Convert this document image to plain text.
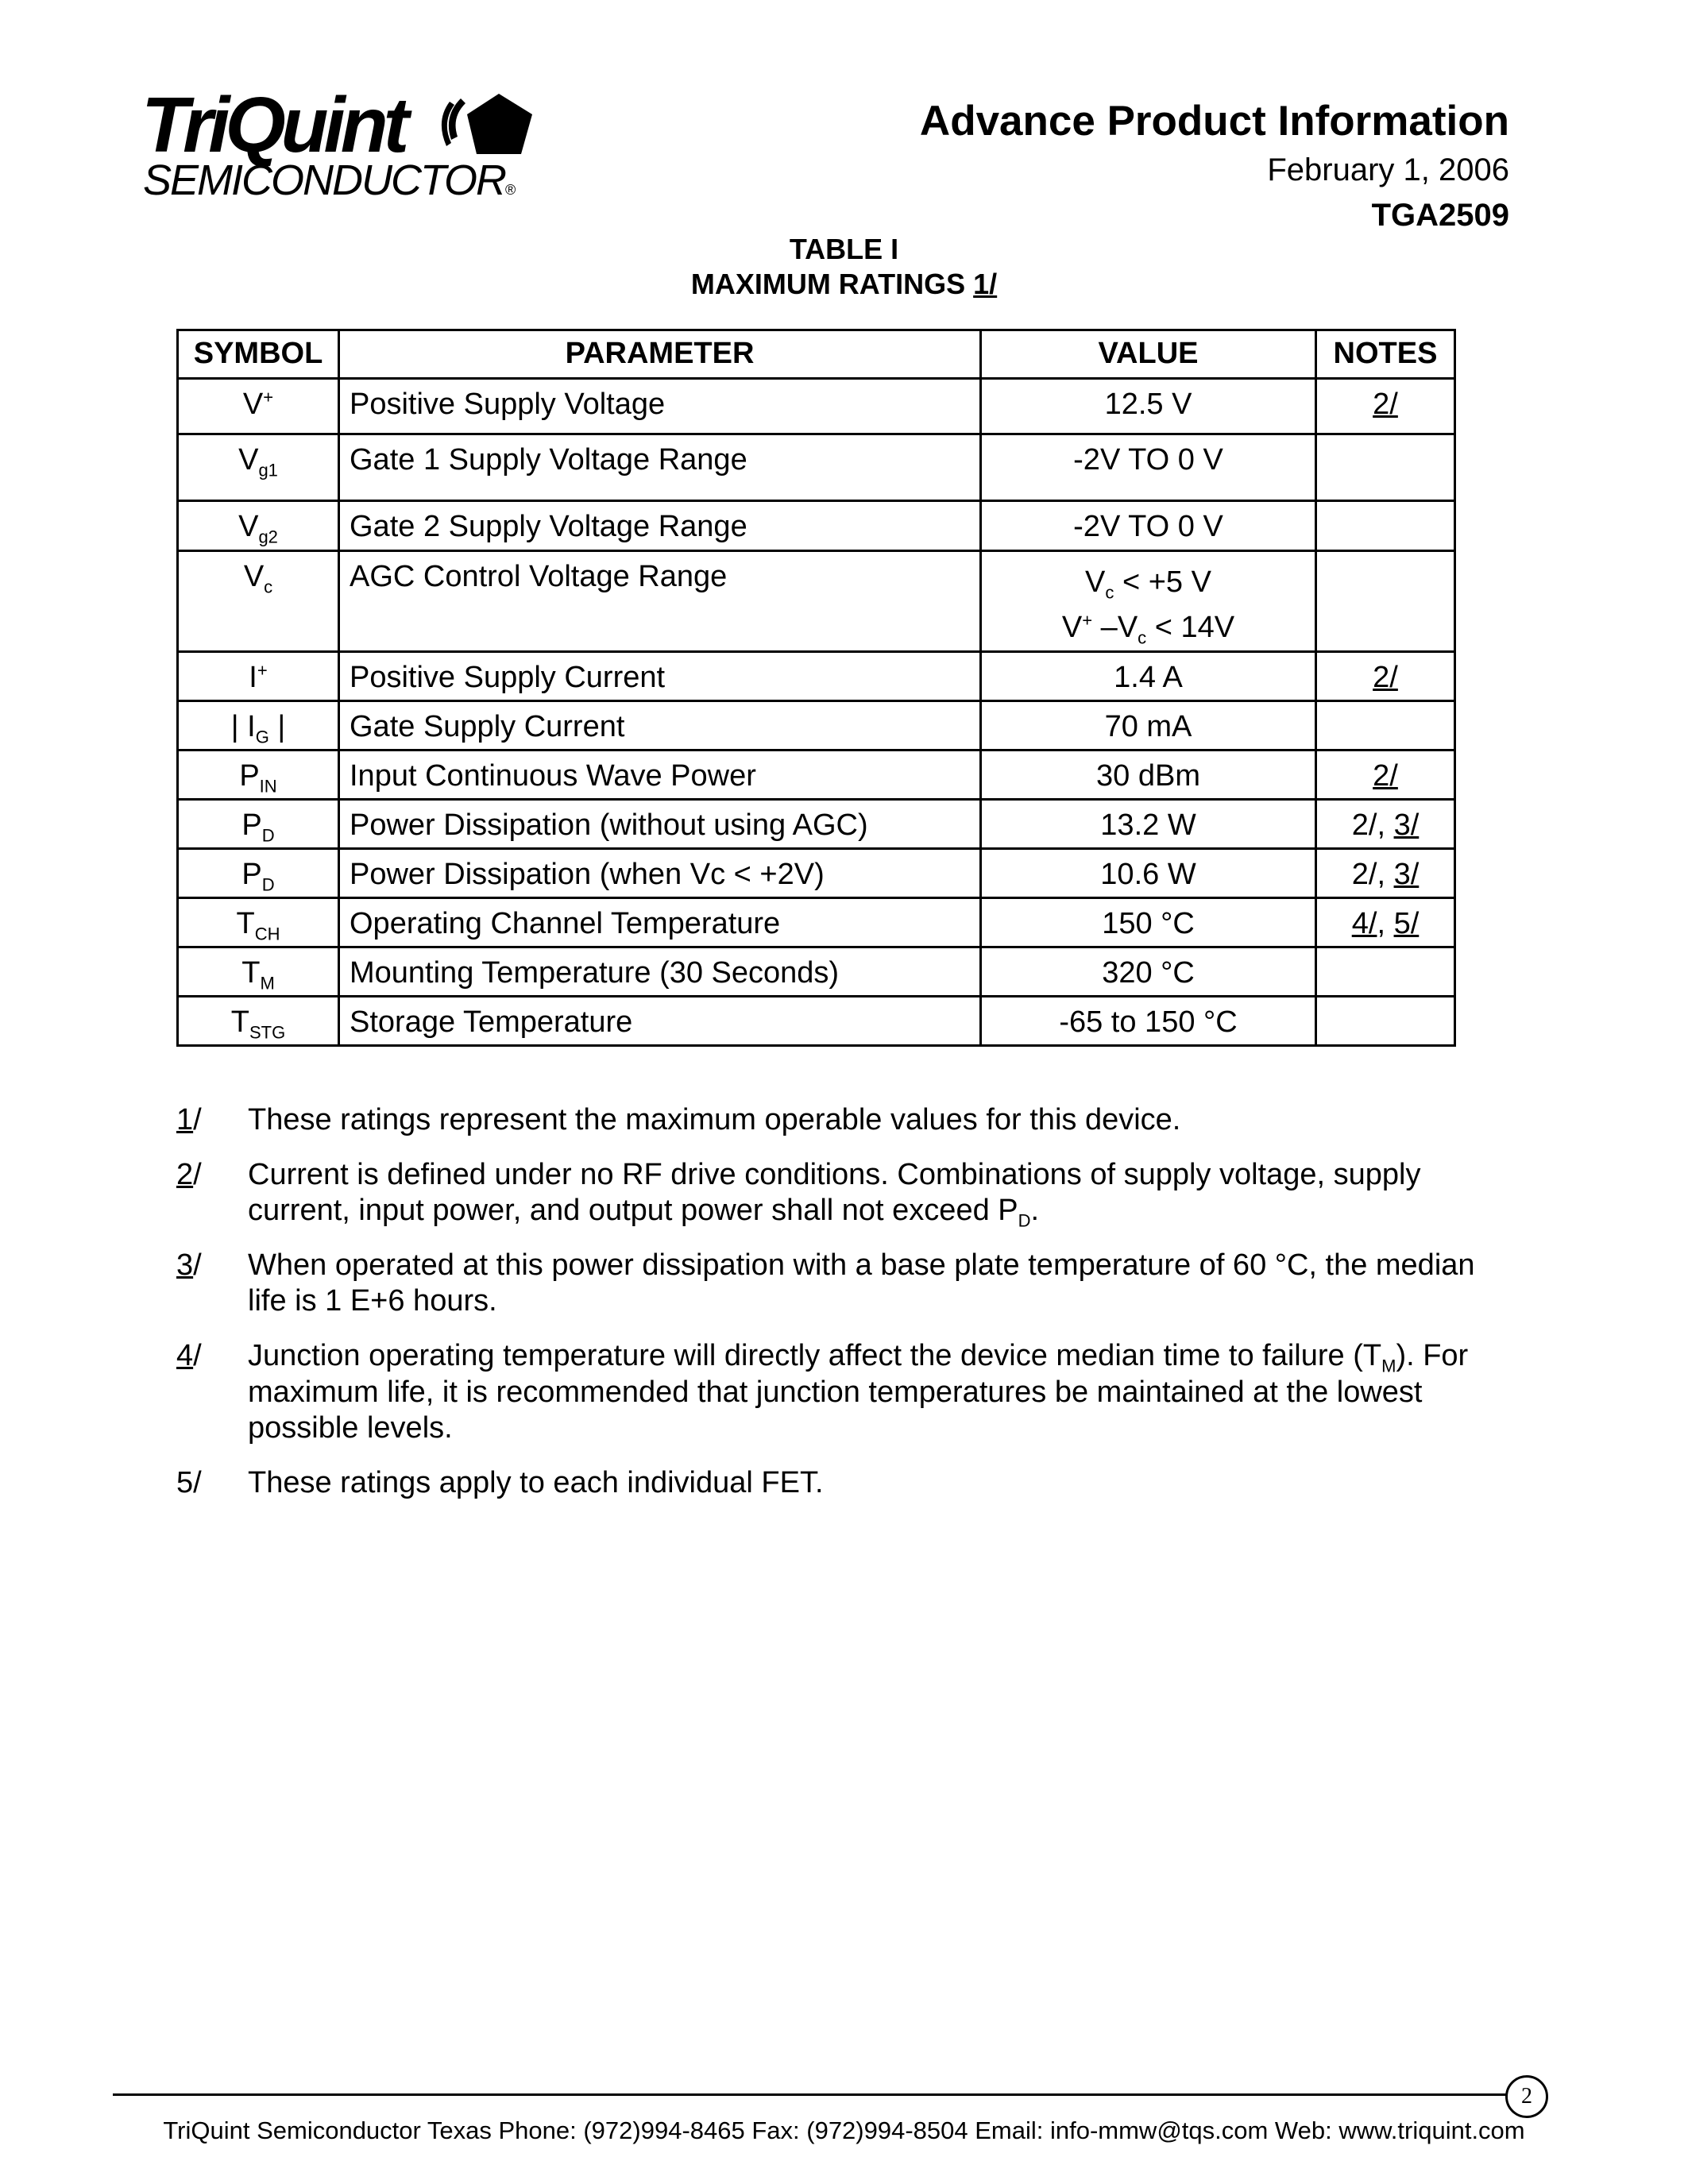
TriQuint
SEMICONDUCTOR®
Advance Product Information
February 1, 2006
TGA2509
TABLE I
MAXIMUM RATINGS 1/
SYMBOL	PARAMETER	VALUE	NOTES
V+	Positive Supply Voltage	12.5 V	2/
$V_{g1}$	Gate 1 Supply Voltage Range	-2V TO 0 V	
$V_{g2}$	Gate 2 Supply Voltage Range	-2V TO 0 V	
$V_c$	AGC Control Voltage Range	$V_c < +5$ V
V+ $-V_c < 14V$	

I+	Positive Supply Current	1.4 A	2/
| $I_G$ |	Gate Supply Current	70 mA	
$P_{IN}$	Input Continuous Wave Power	30 dBm	2/
$P_D$	Power Dissipation (without using AGC)	13.2 W	2/, 3/
$P_D$	Power Dissipation (when Vc < +2V)	10.6 W	2/, 3/
$T_{CH}$	Operating Channel Temperature	150 °C	4/, 5/
$T_M$	Mounting Temperature (30 Seconds)	320 °C	
$T_{STG}$	Storage Temperature	-65 to 150 °C	
1/	These ratings represent the maximum operable values for this device.
2/	Current is defined under no RF drive conditions. Combinations of supply voltage, supply current, input power, and output power shall not exceed $P_D$.
3/	When operated at this power dissipation with a base plate temperature of 60 °C, the median life is 1 E+6 hours.
4/	Junction operating temperature will directly affect the device median time to failure $(T_M)$. For maximum life, it is recommended that junction temperatures be maintained at the lowest possible levels.
5/	These ratings apply to each individual FET.
2
TriQuint Semiconductor Texas Phone: (972)994-8465 Fax: (972)994-8504 Email: info-mmw@tqs.com Web: www.triquint.com
